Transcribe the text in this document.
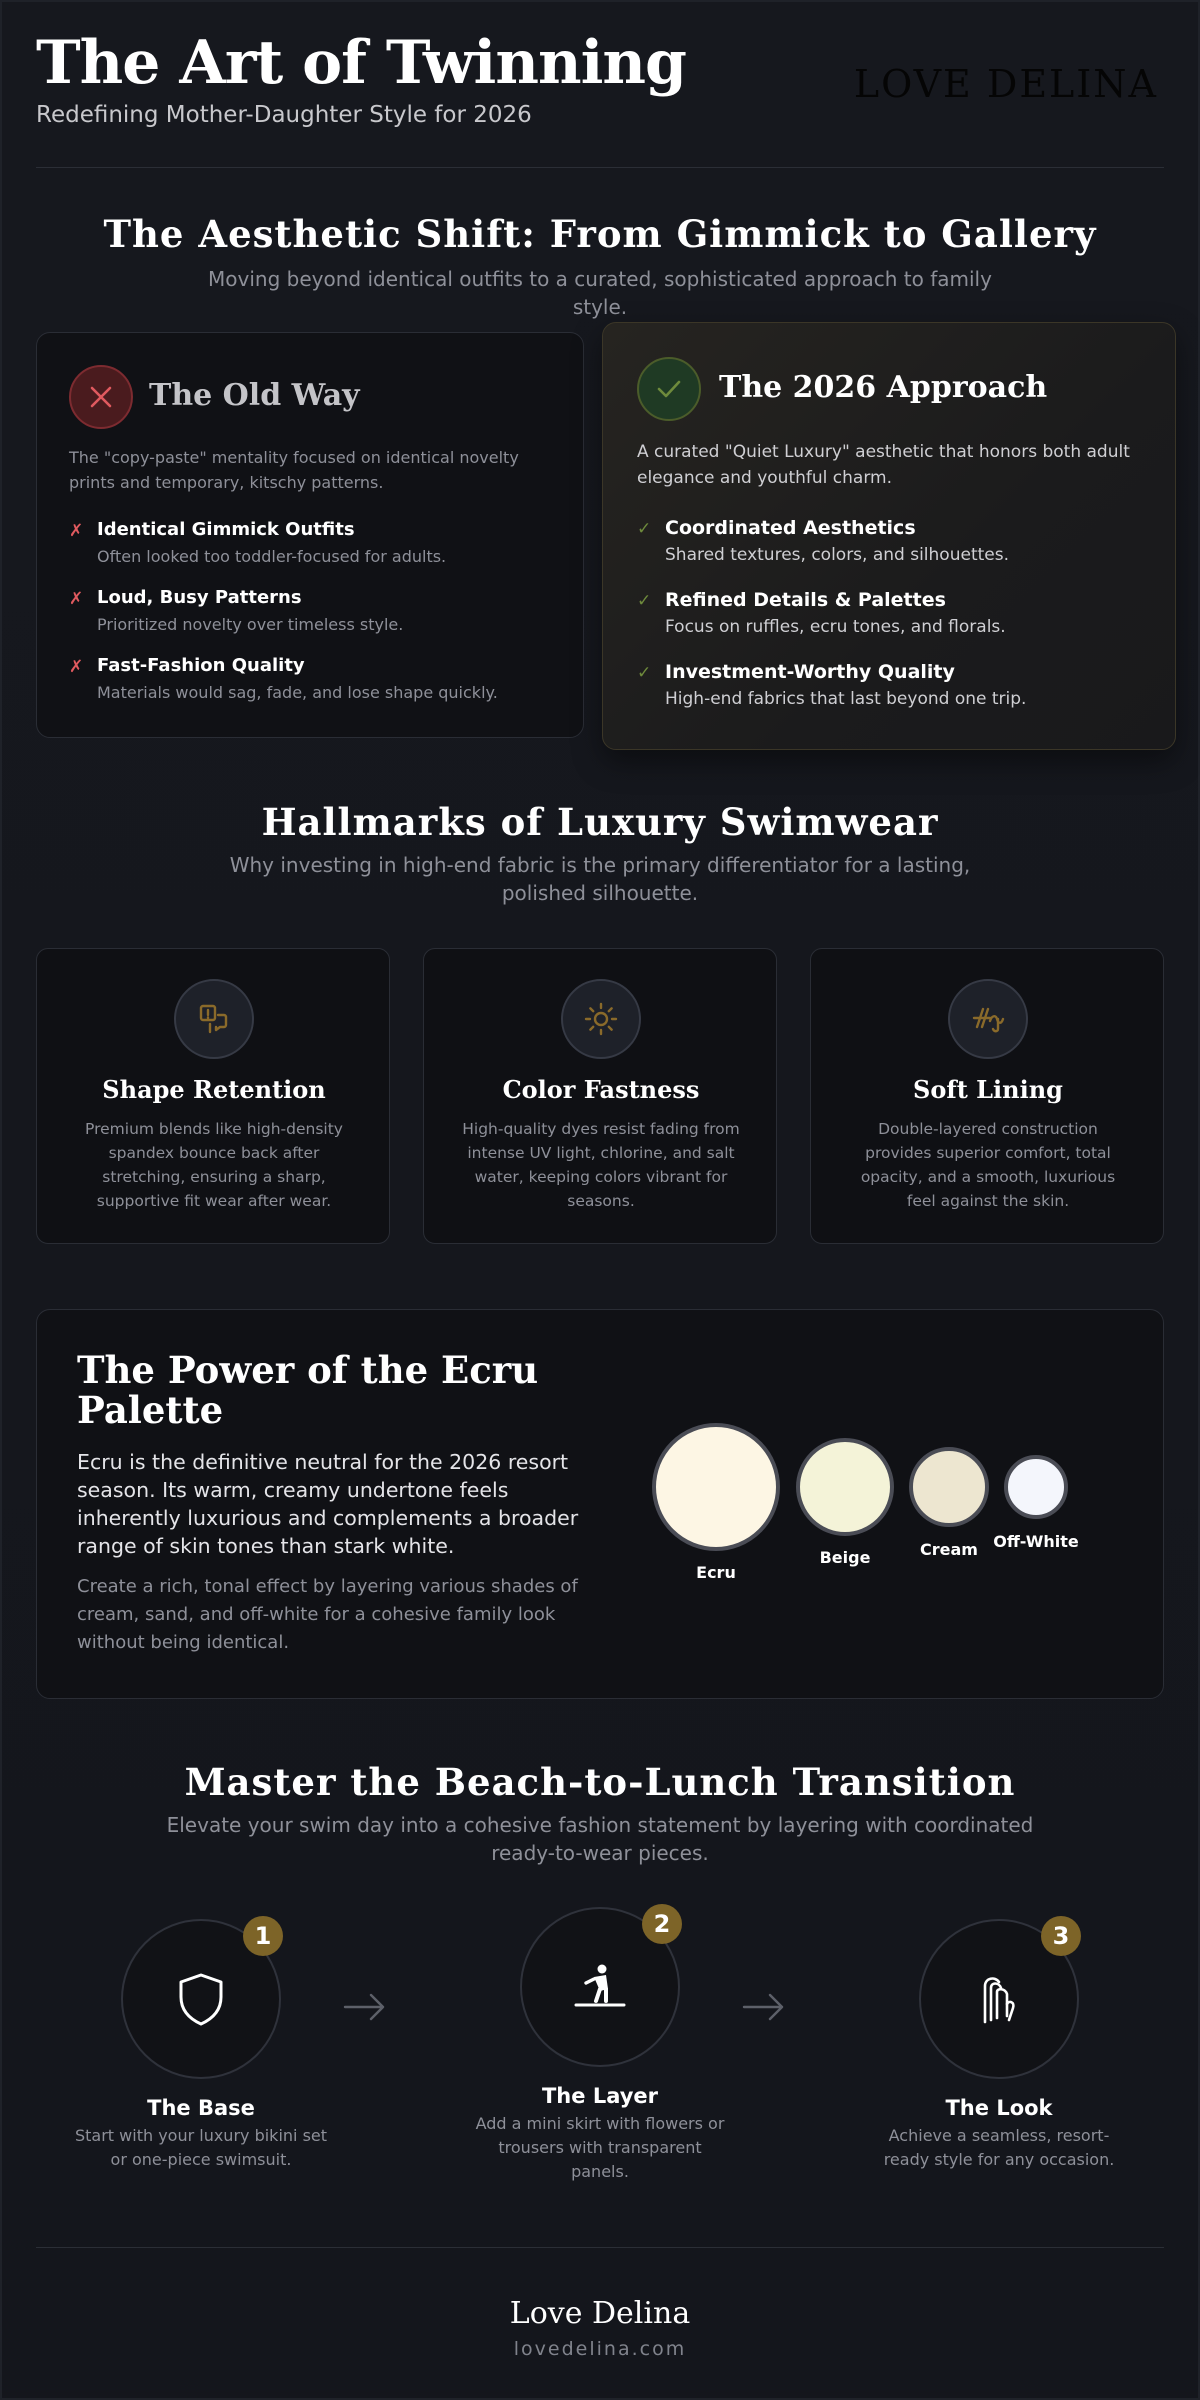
The Art of Twinning
Redefining Mother-Daughter Style for 2026
LOVE DELINA
The Aesthetic Shift: From Gimmick to Gallery
Moving beyond identical outfits to a curated, sophisticated approach to family style.
The Old Way
The "copy-paste" mentality focused on identical novelty prints and temporary, kitschy patterns.
✗ Identical Gimmick Outfits
Often looked too toddler-focused for adults.
✗ Loud, Busy Patterns
Prioritized novelty over timeless style.
✗ Fast-Fashion Quality
Materials would sag, fade, and lose shape quickly.
The 2026 Approach
A curated "Quiet Luxury" aesthetic that honors both adult elegance and youthful charm.
✓ Coordinated Aesthetics
Shared textures, colors, and silhouettes.
✓ Refined Details & Palettes
Focus on ruffles, ecru tones, and florals.
✓ Investment-Worthy Quality
High-end fabrics that last beyond one trip.
Hallmarks of Luxury Swimwear
Why investing in high-end fabric is the primary differentiator for a lasting, polished silhouette.
Shape Retention
Premium blends like high-density spandex bounce back after stretching, ensuring a sharp, supportive fit wear after wear.
Color Fastness
High-quality dyes resist fading from intense UV light, chlorine, and salt water, keeping colors vibrant for seasons.
Soft Lining
Double-layered construction provides superior comfort, total opacity, and a smooth, luxurious feel against the skin.
The Power of the Ecru Palette
Ecru is the definitive neutral for the 2026 resort season. Its warm, creamy undertone feels inherently luxurious and complements a broader range of skin tones than stark white.
Create a rich, tonal effect by layering various shades of cream, sand, and off-white for a cohesive family look without being identical.
Ecru
Beige	Cream Off-White
Master the Beach-to-Lunch Transition
Elevate your swim day into a cohesive fashion statement by layering with coordinated ready-to-wear pieces.
1
The Base
Start with your luxury bikini set or one-piece swimsuit.
2
The Layer
Add a mini skirt with flowers or trousers with transparent panels.
3
The Look
Achieve a seamless, resort-ready style for any occasion.
Love Delina
lovedelina.com
